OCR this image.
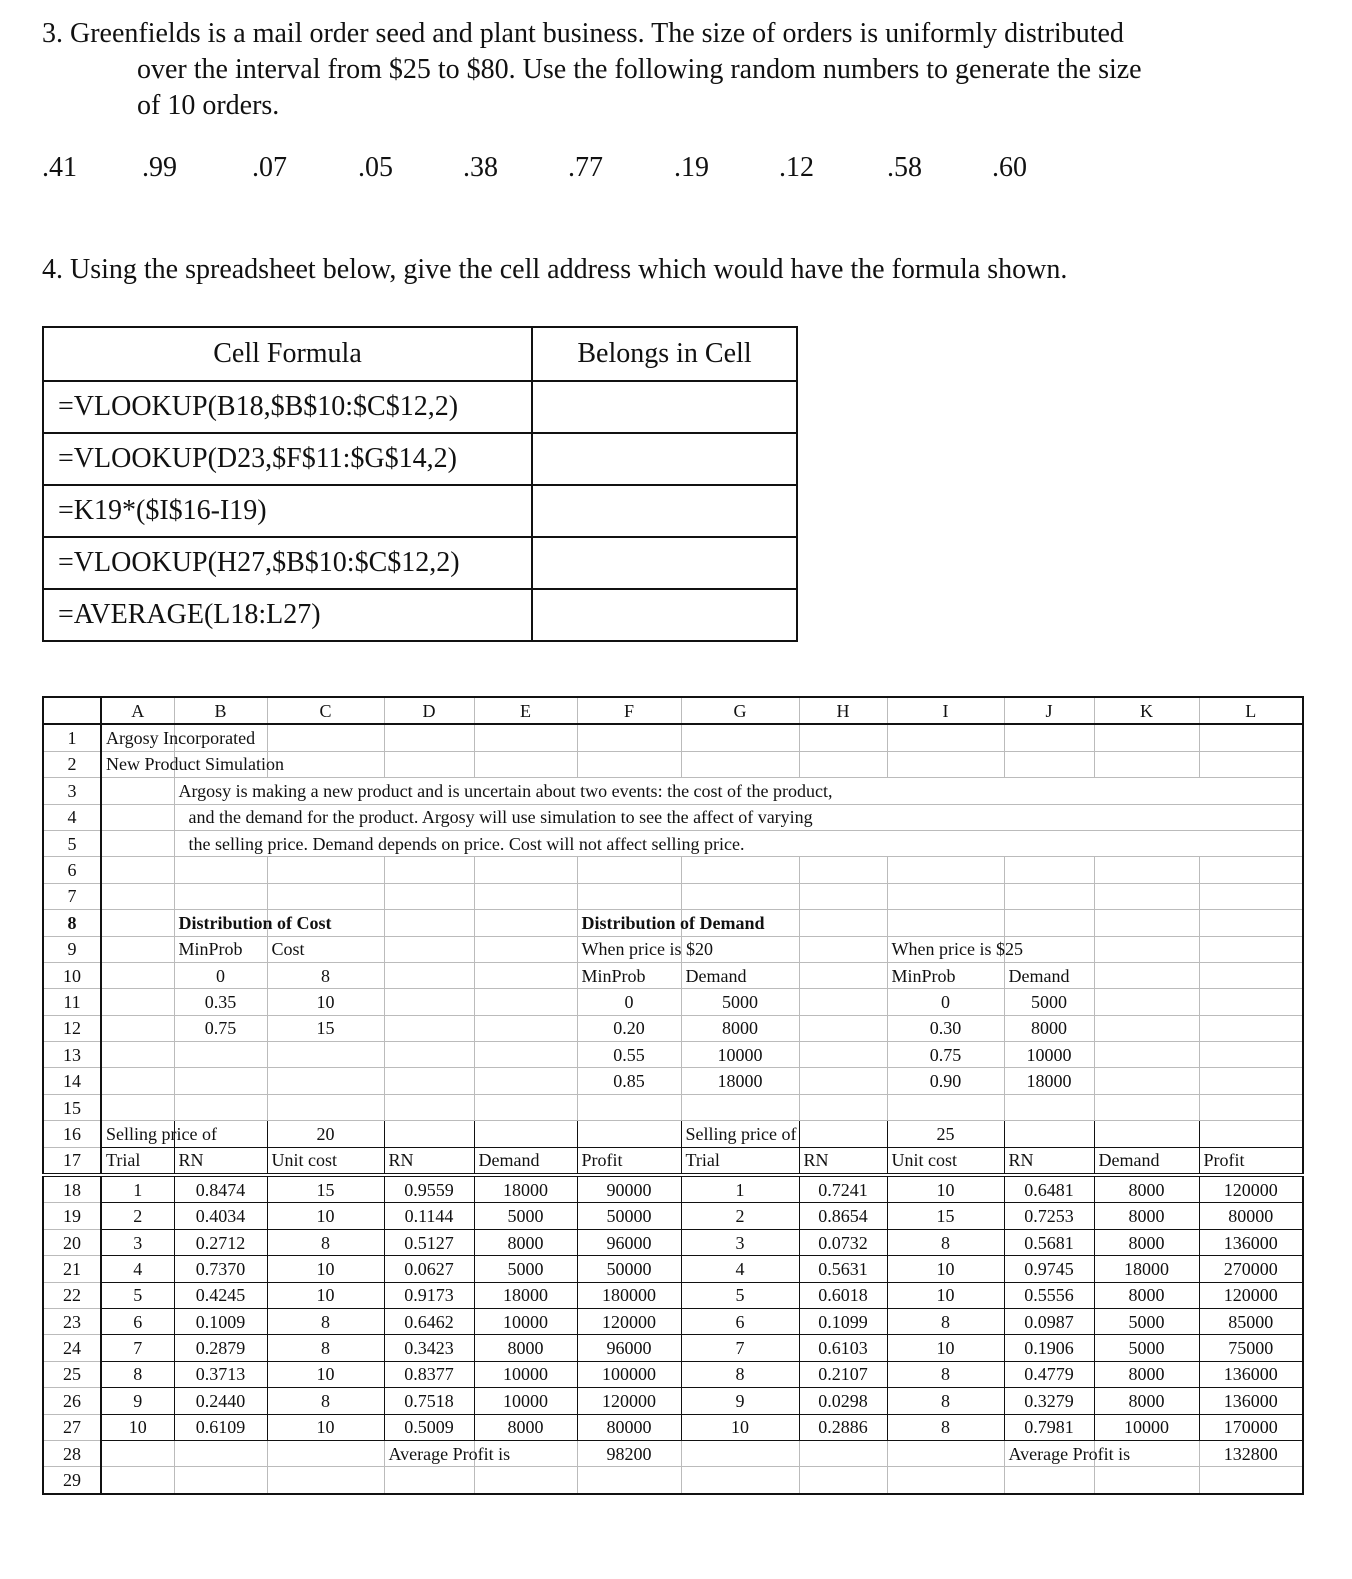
3. Greenfields is a mail order seed and plant business. The size of orders is uniformly distributed
over the interval from $25 to $80. Use the following random numbers to generate the size
of 10 orders.
.41 .99	.07	.05	.38	.77	.19	.12	.58	.60
4. Using the spreadsheet below, give the cell address which would have the formula shown.
Cell Formula	Belongs in Cell
=VLOOKUP(B18,$B$10:$C$12,2)	
=VLOOKUP(D23,$F$11:$G$14,2)	
=K19*($I$16-I19)	
=VLOOKUP(H27,$B$10:$C$12,2)	
=AVERAGE(L18:L27)	
	A	B	C	D	E	F	G	H	I	J	K	L
1	Argosy Incorporated											
2	New Product Simulation											
3		Argosy is making a new product and is uncertain about two events: the cost of the product,										
4		and the demand for the product. Argosy will use simulation to see the affect of varying										
5		the selling price. Demand depends on price. Cost will not affect selling price.										
6												
7												
8		Distribution of Cost				Distribution of Demand						
9		MinProb	Cost			When price is $20			When price is $25			
10		0	8			MinProb	Demand		MinProb	Demand		
11		0.35	10			0	5000		0	5000		
12		0.75	15			0.20	8000		0.30	8000		
13						0.55	10000		0.75	10000		
14						0.85	18000		0.90	18000		
15												
16	Selling price of		20				Selling price of		25			
17	Trial	RN	Unit cost	RN	Demand	Profit	Trial	RN	Unit cost	RN	Demand	Profit
18	1	0.8474	15	0.9559	18000	90000	1	0.7241	10	0.6481	8000	120000
19	2	0.4034	10	0.1144	5000	50000	2	0.8654	15	0.7253	8000	80000
20	3	0.2712	8	0.5127	8000	96000	3	0.0732	8	0.5681	8000	136000
21	4	0.7370	10	0.0627	5000	50000	4	0.5631	10	0.9745	18000	270000
22	5	0.4245	10	0.9173	18000	180000	5	0.6018	10	0.5556	8000	120000
23	6	0.1009	8	0.6462	10000	120000	6	0.1099	8	0.0987	5000	85000
24	7	0.2879	8	0.3423	8000	96000	7	0.6103	10	0.1906	5000	75000
25	8	0.3713	10	0.8377	10000	100000	8	0.2107	8	0.4779	8000	136000
26	9	0.2440	8	0.7518	10000	120000	9	0.0298	8	0.3279	8000	136000
27	10	0.6109	10	0.5009	8000	80000	10	0.2886	8	0.7981	10000	170000
28				Average Profit is		98200				Average Profit is		132800
29												
